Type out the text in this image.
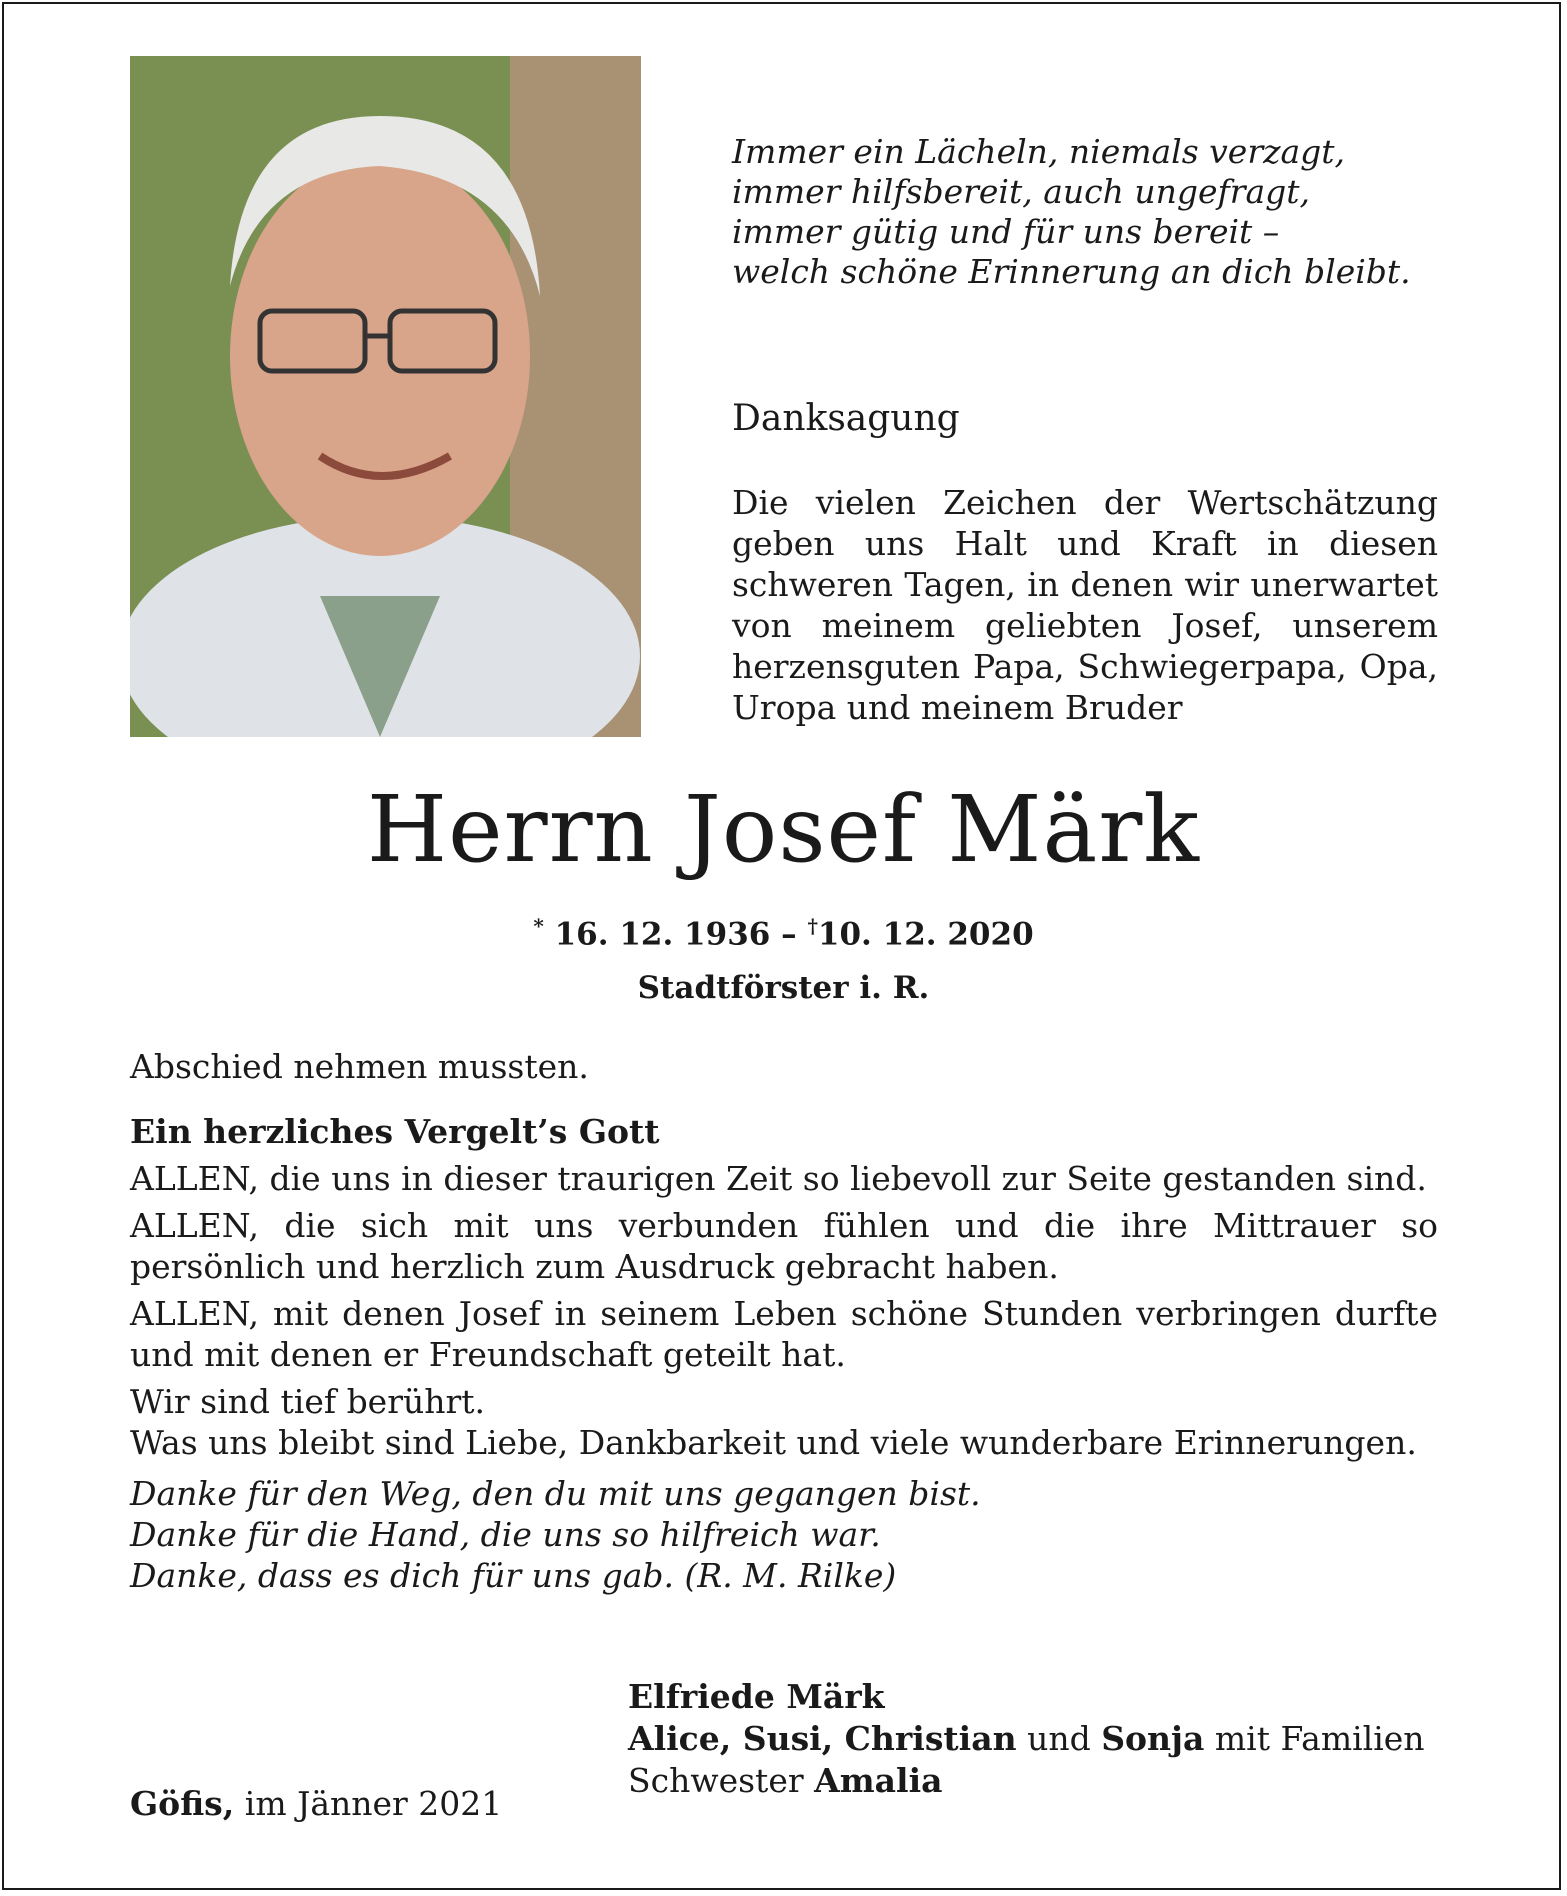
Immer ein Lächeln, niemals verzagt,
immer hilfsbereit, auch ungefragt,
immer gütig und für uns bereit –
welch schöne Erinnerung an dich bleibt.
Danksagung
Die vielen Zeichen der Wertschätzung geben uns Halt und Kraft in diesen schweren Tagen, in denen wir unerwartet von meinem geliebten Josef, unserem herzensguten Papa, Schwiegerpapa, Opa, Uropa und meinem Bruder
Herrn Josef Märk
* 16. 12. 1936 – †10. 12. 2020
Stadtförster i. R.

Abschied nehmen mussten.

Ein herzliches Vergelt’s Gott

ALLEN, die uns in dieser traurigen Zeit so liebevoll zur Seite gestanden sind.

ALLEN, die sich mit uns verbunden fühlen und die ihre Mittrauer so persönlich und herzlich zum Ausdruck gebracht haben.

ALLEN, mit denen Josef in seinem Leben schöne Stunden verbringen durfte und mit denen er Freundschaft geteilt hat.

Wir sind tief berührt.

Was uns bleibt sind Liebe, Dankbarkeit und viele wunderbare Erinnerungen.

Danke für den Weg, den du mit uns gegangen bist.

Danke für die Hand, die uns so hilfreich war.

Danke, dass es dich für uns gab. (R. M. Rilke)

Elfriede Märk
Alice, Susi, Christian und Sonja mit Familien
Schwester Amalia
Göfis, im Jänner 2021
